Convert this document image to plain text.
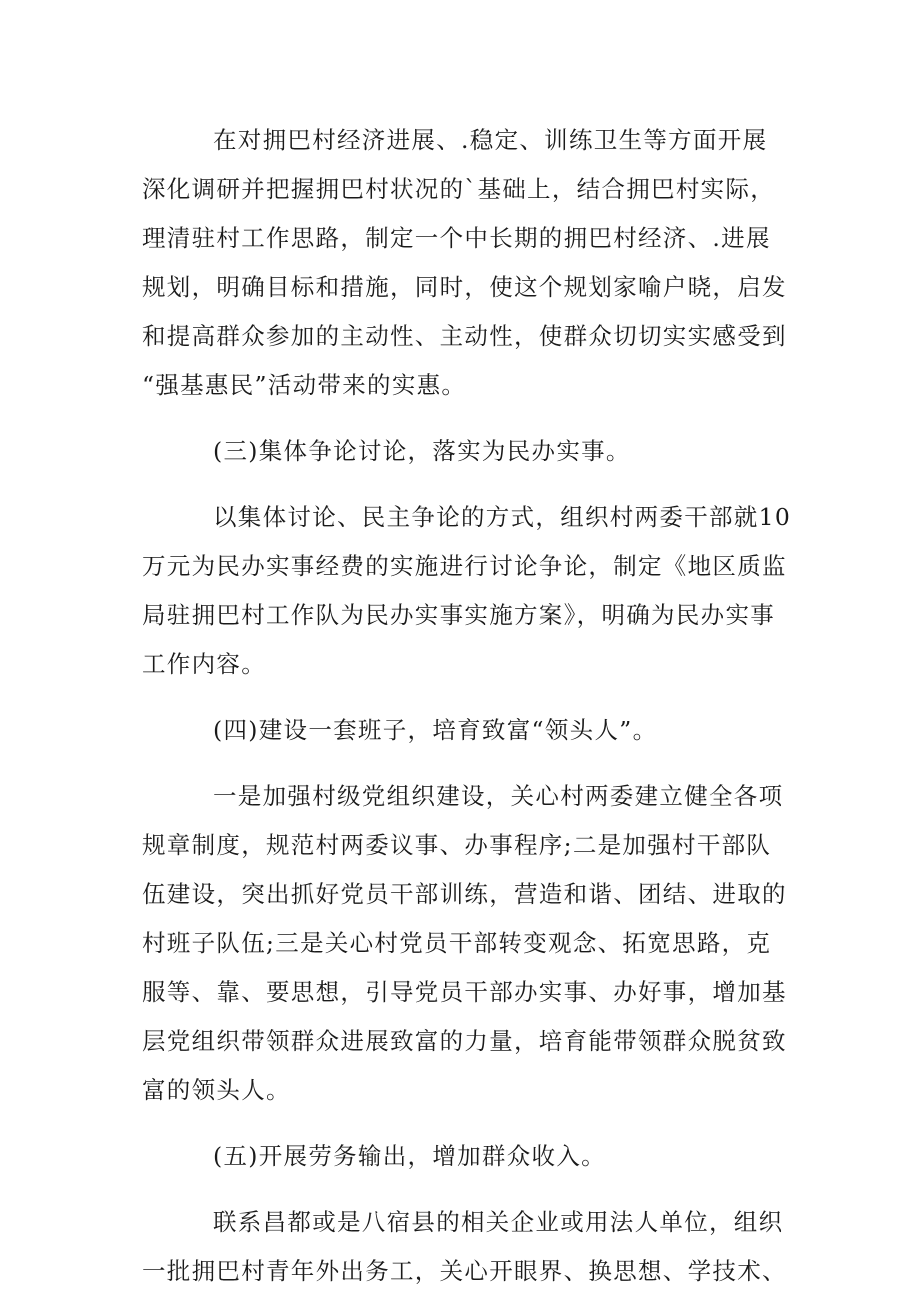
在对拥巴村经济进展、.稳定、训练卫生等方面开展
深化调研并把握拥巴村状况的`基础上，结合拥巴村实际，
理清驻村工作思路，制定一个中长期的拥巴村经济、.进展
规划，明确目标和措施，同时，使这个规划家喻户晓，启发
和提高群众参加的主动性、主动性，使群众切切实实感受到
“强基惠民”活动带来的实惠。
(三)集体争论讨论，落实为民办实事。
以集体讨论、民主争论的方式，组织村两委干部就10
万元为民办实事经费的实施进行讨论争论，制定《地区质监
局驻拥巴村工作队为民办实事实施方案》，明确为民办实事
工作内容。
(四)建设一套班子，培育致富“领头人”。
一是加强村级党组织建设，关心村两委建立健全各项
规章制度，规范村两委议事、办事程序;二是加强村干部队
伍建设，突出抓好党员干部训练，营造和谐、团结、进取的
村班子队伍;三是关心村党员干部转变观念、拓宽思路，克
服等、靠、要思想，引导党员干部办实事、办好事，增加基
层党组织带领群众进展致富的力量，培育能带领群众脱贫致
富的领头人。
(五)开展劳务输出，增加群众收入。
联系昌都或是八宿县的相关企业或用法人单位，组织
一批拥巴村青年外出务工，关心开眼界、换思想、学技术、
